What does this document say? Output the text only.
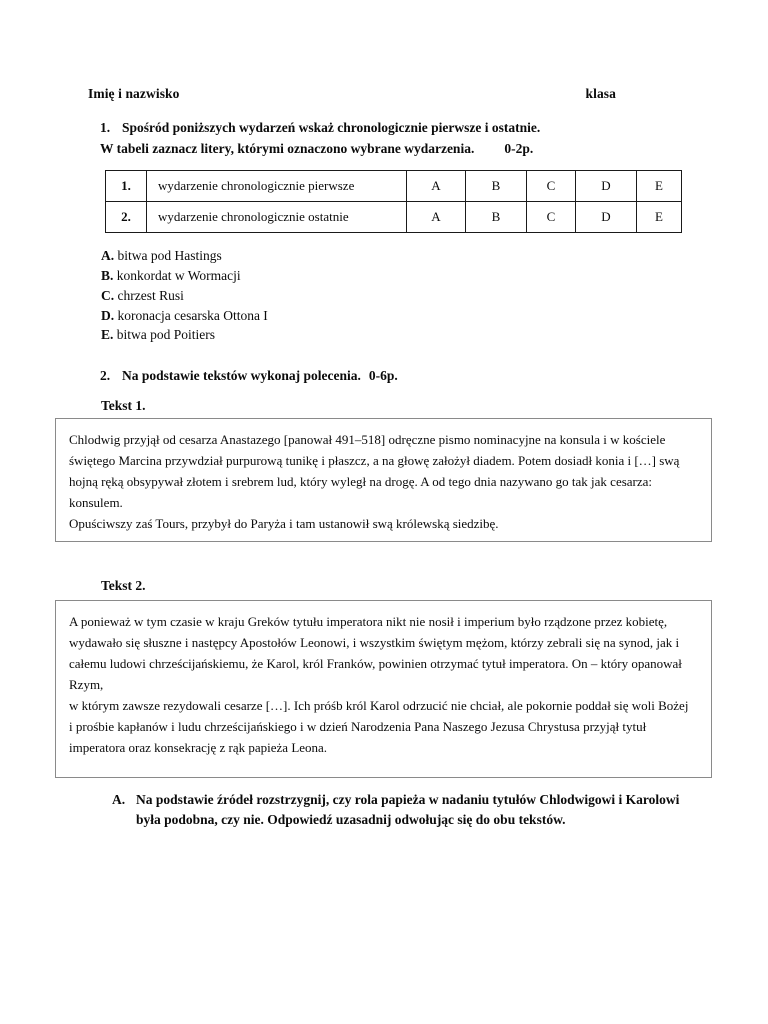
Imię i nazwisko	klasa
1. Spośród poniższych wydarzeń wskaż chronologicznie pierwsze i ostatnie.
W tabeli zaznacz litery, którymi oznaczono wybrane wydarzenia. 0-2p.
1.	wydarzenie chronologicznie pierwsze	A	B	C	D	E
2.	wydarzenie chronologicznie ostatnie	A	B	C	D	E
A. bitwa pod Hastings
B. konkordat w Wormacji
C. chrzest Rusi
D. koronacja cesarska Ottona I
E. bitwa pod Poitiers
2. Na podstawie tekstów wykonaj polecenia. 0-6p.
Tekst 1.

Chlodwig przyjął od cesarza Anastazego [panował 491–518] odręczne pismo nominacyjne na konsula i w kościele świętego Marcina przywdział purpurową tunikę i płaszcz, a na głowę założył diadem. Potem dosiadł konia i […] swą hojną ręką obsypywał złotem i srebrem lud, który wyległ na drogę. A od tego dnia nazywano go tak jak cesarza: konsulem.

Opuściwszy zaś Tours, przybył do Paryża i tam ustanowił swą królewską siedzibę.

Tekst 2.

A ponieważ w tym czasie w kraju Greków tytułu imperatora nikt nie nosił i imperium było rządzone przez kobietę, wydawało się słuszne i następcy Apostołów Leonowi, i wszystkim świętym mężom, którzy zebrali się na synod, jak i całemu ludowi chrześcijańskiemu, że Karol, król Franków, powinien otrzymać tytuł imperatora. On – który opanował Rzym,

w którym zawsze rezydowali cesarze […]. Ich próśb król Karol odrzucić nie chciał, ale pokornie poddał się woli Bożej

i prośbie kapłanów i ludu chrześcijańskiego i w dzień Narodzenia Pana Naszego Jezusa Chrystusa przyjął tytuł imperatora oraz konsekrację z rąk papieża Leona.

A. Na podstawie źródeł rozstrzygnij, czy rola papieża w nadaniu tytułów Chlodwigowi i Karolowi była podobna, czy nie. Odpowiedź uzasadnij odwołując się do obu tekstów.
